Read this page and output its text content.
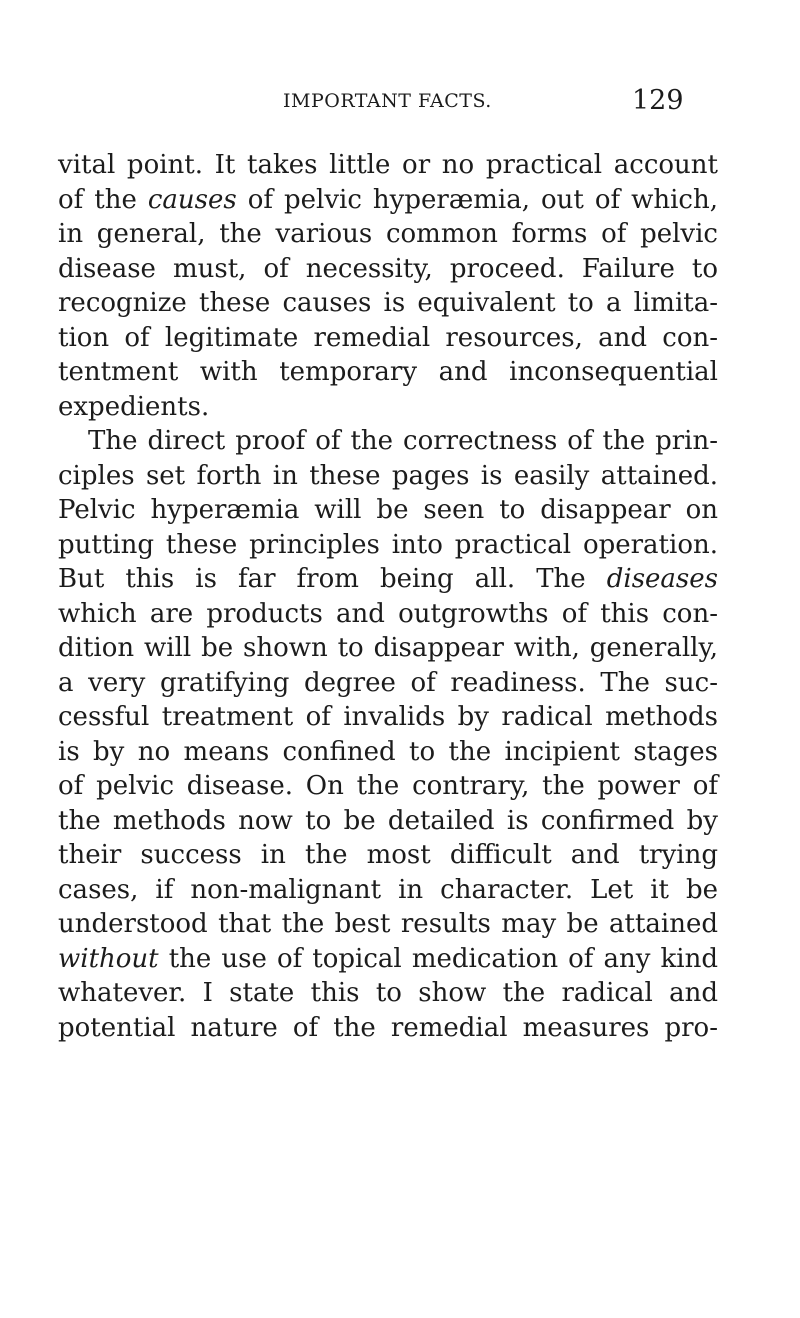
IMPORTANT FACTS.	129
vital point. It takes little or no practical account
of the causes of pelvic hyperæmia, out of which,
in general, the various common forms of pelvic
disease must, of necessity, proceed. Failure to
recognize these causes is equivalent to a limita-
tion of legitimate remedial resources, and con-
tentment with temporary and inconsequential
expedients.
The direct proof of the correctness of the prin-
ciples set forth in these pages is easily attained.
Pelvic hyperæmia will be seen to disappear on
putting these principles into practical operation.
But this is far from being all. The diseases
which are products and outgrowths of this con-
dition will be shown to disappear with, generally,
a very gratifying degree of readiness. The suc-
cessful treatment of invalids by radical methods
is by no means confined to the incipient stages
of pelvic disease. On the contrary, the power of
the methods now to be detailed is confirmed by
their success in the most difficult and trying
cases, if non-malignant in character. Let it be
understood that the best results may be attained
without the use of topical medication of any kind
whatever. I state this to show the radical and
potential nature of the remedial measures pro-
